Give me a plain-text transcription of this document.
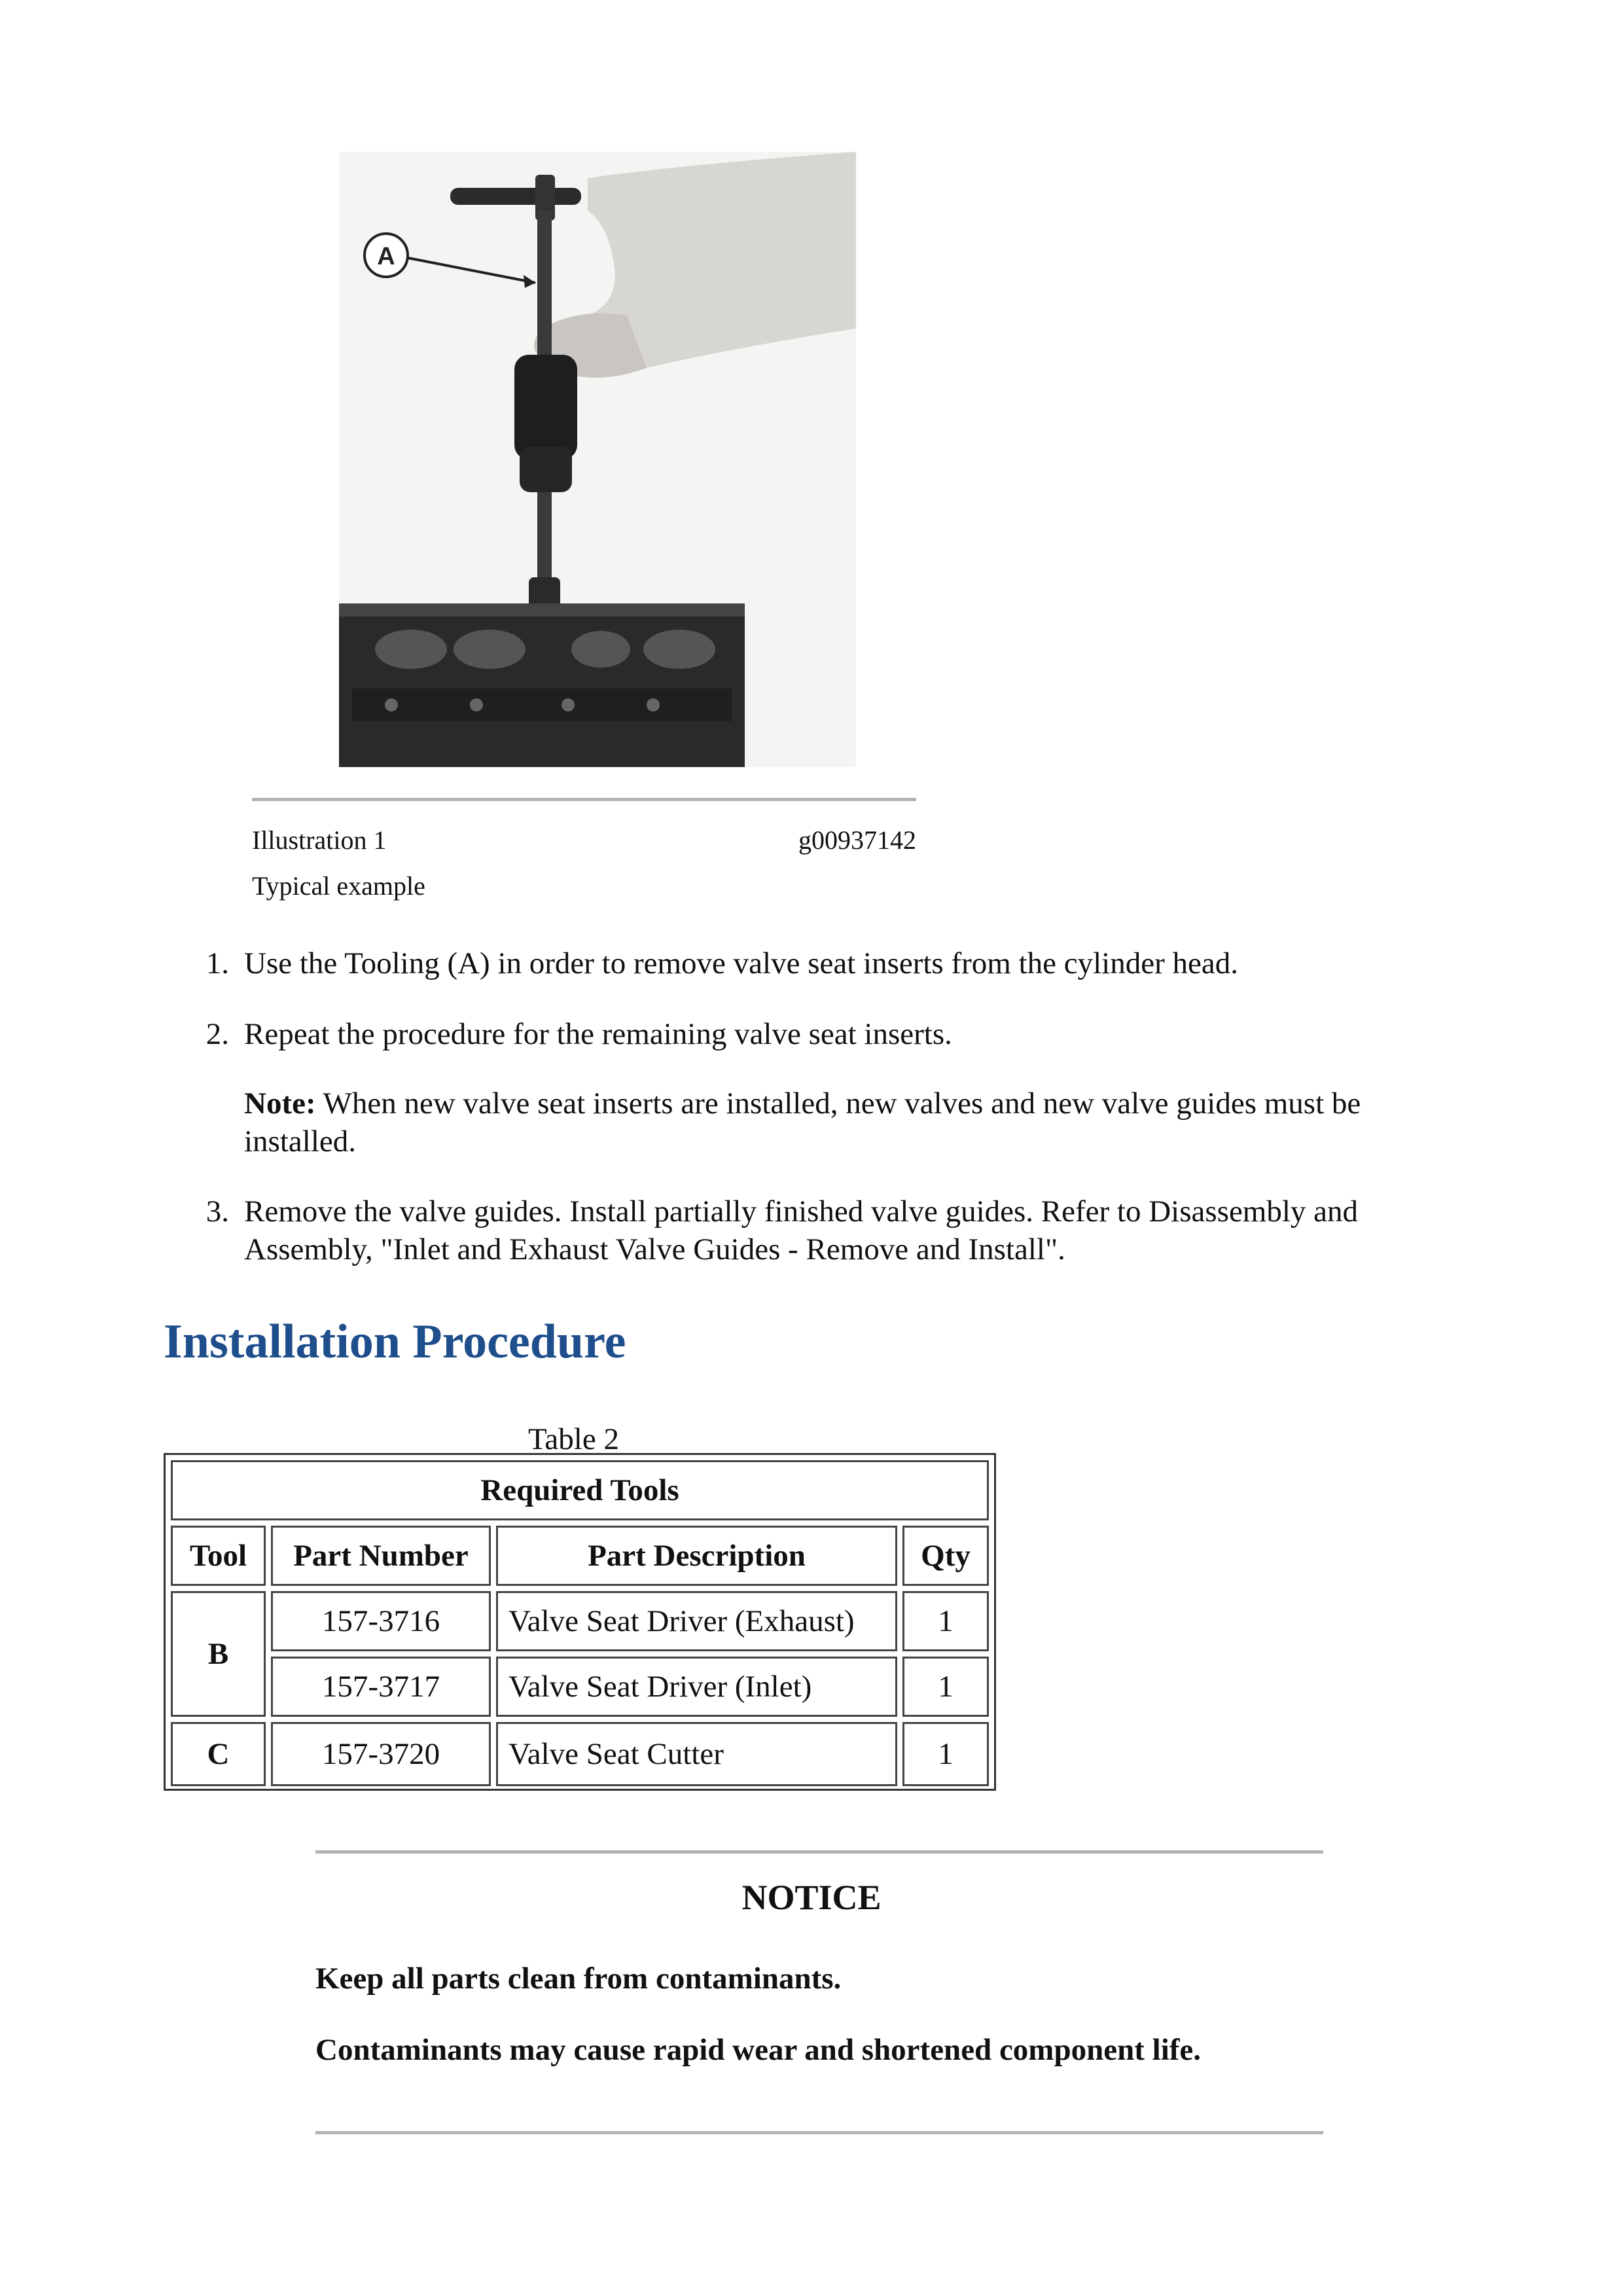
A
Illustration 1	g00937142
Typical example
1. Use the Tooling (A) in order to remove valve seat inserts from the cylinder head.
2. Repeat the procedure for the remaining valve seat inserts.
Note: When new valve seat inserts are installed, new valves and new valve guides must be
installed.
3. Remove the valve guides. Install partially finished valve guides. Refer to Disassembly and
Assembly, "Inlet and Exhaust Valve Guides - Remove and Install".
Installation Procedure
Table 2
Required Tools
Tool	Part Number	Part Description	Qty
B
157-3716	Valve Seat Driver (Exhaust)	1
157-3717	Valve Seat Driver (Inlet)	1
C	157-3720	Valve Seat Cutter	1
NOTICE
Keep all parts clean from contaminants.
Contaminants may cause rapid wear and shortened component life.
